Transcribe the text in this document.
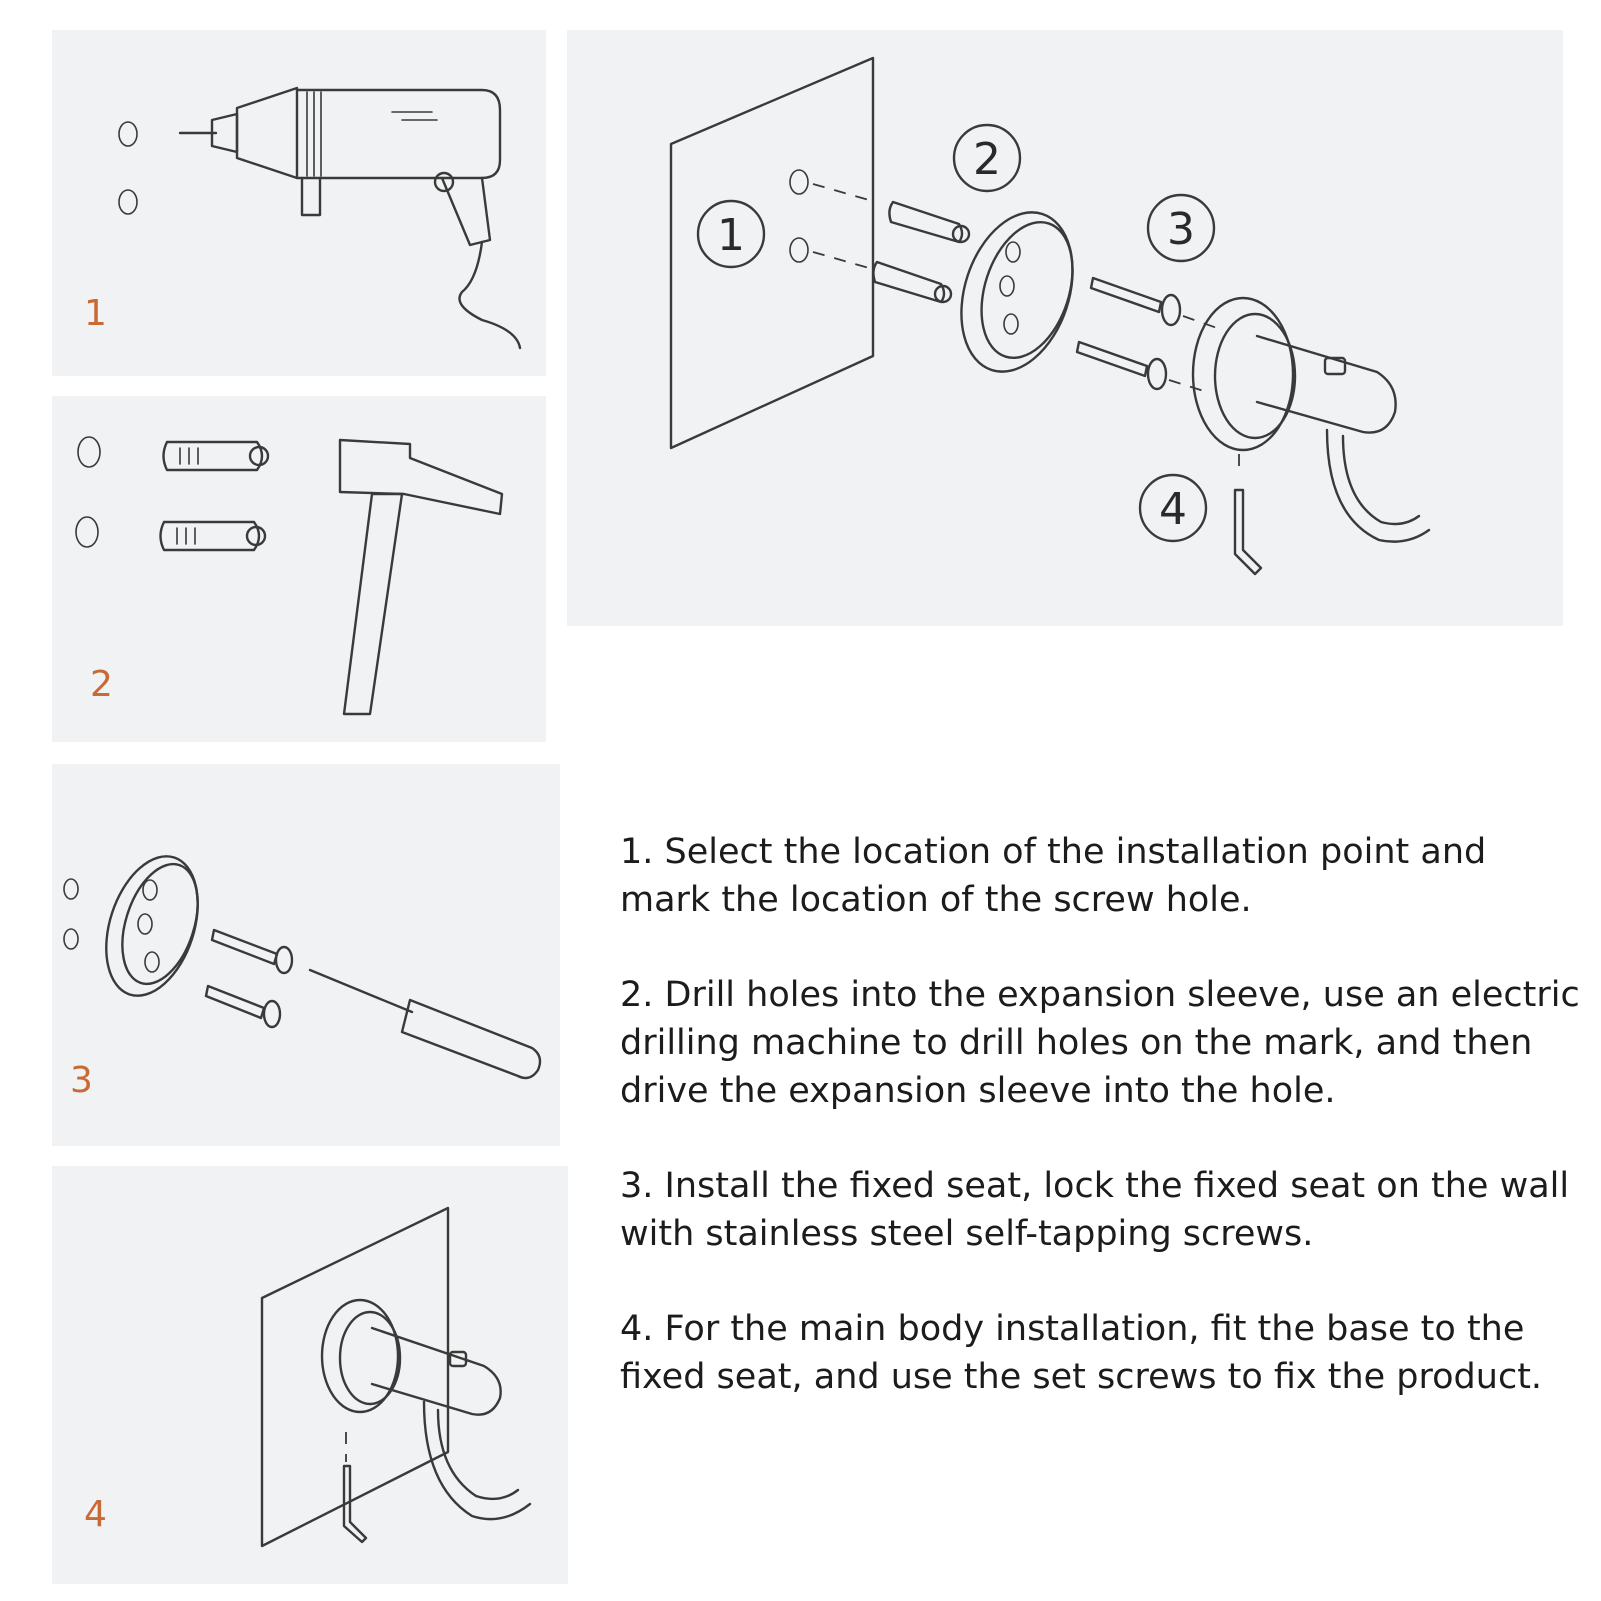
1
2
3
4
1
2
3
4

1. Select the location of the installation point and mark the location of the screw hole.

2. Drill holes into the expansion sleeve, use an electric drilling machine to drill holes on the mark, and then drive the expansion sleeve into the hole.

3. Install the fixed seat, lock the fixed seat on the wall with stainless steel self-tapping screws.

4. For the main body installation, fit the base to the fixed seat, and use the set screws to fix the product.
